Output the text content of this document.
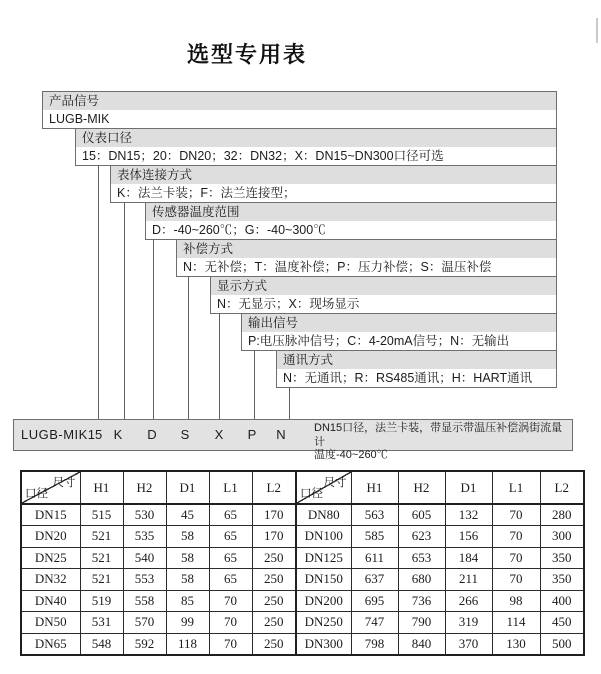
选型专用表
产品信号
LUGB-MIK
仪表口径
15：DN15；20：DN20；32：DN32；X：DN15~DN300口径可选
表体连接方式
K：法兰卡装；F：法兰连接型；
传感器温度范围
D：-40~260℃；G：-40~300℃
补偿方式
N：无补偿；T：温度补偿；P：压力补偿；S：温压补偿
显示方式
N：无显示；X：现场显示
输出信号
P:电压脉冲信号；C：4-20mA信号；N：无输出
通讯方式
N：无通讯；R：RS485通讯；H：HART通讯
LUGB-MIK 15 K	D	S	X	P	N	DN15口径，法兰卡装，带显示带温压补偿涡街流量计
温度-40~260℃
尺寸
口径	H1	H2	D1	L1	L2	尺寸
口径	H1	H2	D1	L1	L2
DN15	515	530	45	65	170	DN80	563	605	132	70	280
DN20	521	535	58	65	170	DN100	585	623	156	70	300
DN25	521	540	58	65	250	DN125	611	653	184	70	350
DN32	521	553	58	65	250	DN150	637	680	211	70	350
DN40	519	558	85	70	250	DN200	695	736	266	98	400
DN50	531	570	99	70	250	DN250	747	790	319	114	450
DN65	548	592	118	70	250	DN300	798	840	370	130	500
